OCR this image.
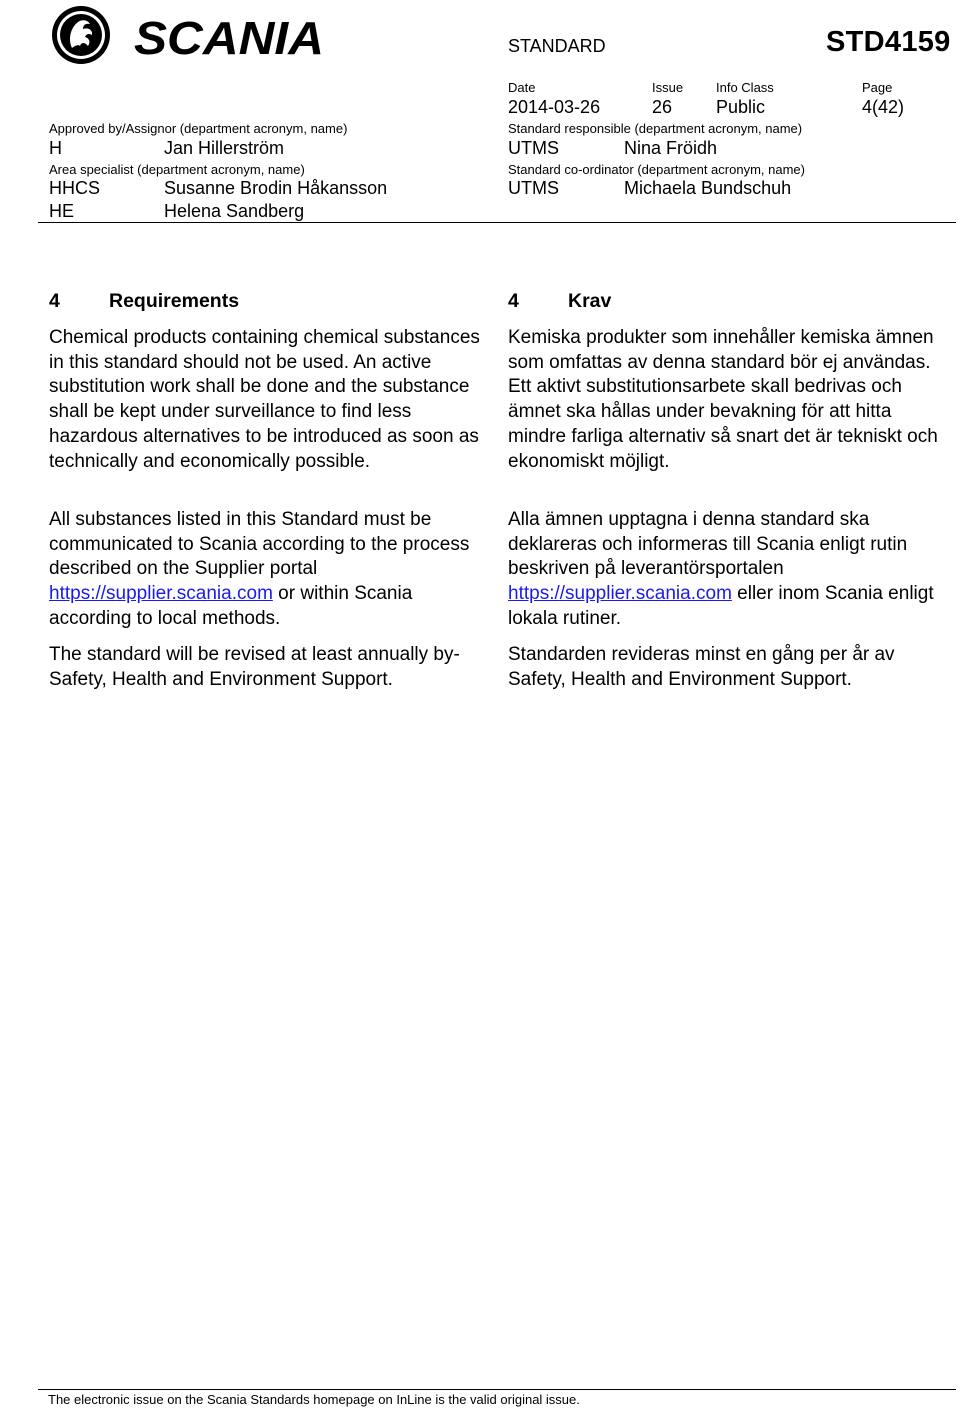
SCANIA	STANDARD	STD4159
Date	Issue	Info Class	Page
2014-03-26	26 Public	4(42)
Approved by/Assignor (department acronym, name)	Standard responsible (department acronym, name)
H	Jan Hillerström	UTMS	Nina Fröidh
Area specialist (department acronym, name)	Standard co-ordinator (department acronym, name)
HHCS	Susanne Brodin Håkansson	UTMS	Michaela Bundschuh
HE	Helena Sandberg
4	Requirements
Chemical products containing chemical substances in this standard should not be used. An active substitution work shall be done and the substance shall be kept under surveillance to find less hazardous alternatives to be introduced as soon as technically and economically possible.
All substances listed in this Standard must be communicated to Scania according to the process described on the Supplier portal https://supplier.scania.com or within Scania according to local methods.
The standard will be revised at least annually by-Safety, Health and Environment Support.
4	Krav
Kemiska produkter som innehåller kemiska ämnen som omfattas av denna standard bör ej användas. Ett aktivt substitutionsarbete skall bedrivas och ämnet ska hållas under bevakning för att hitta mindre farliga alternativ så snart det är tekniskt och ekonomiskt möjligt.
Alla ämnen upptagna i denna standard ska deklareras och informeras till Scania enligt rutin beskriven på leverantörsportalen https://supplier.scania.com eller inom Scania enligt lokala rutiner.
Standarden revideras minst en gång per år av Safety, Health and Environment Support.
The electronic issue on the Scania Standards homepage on InLine is the valid original issue.
